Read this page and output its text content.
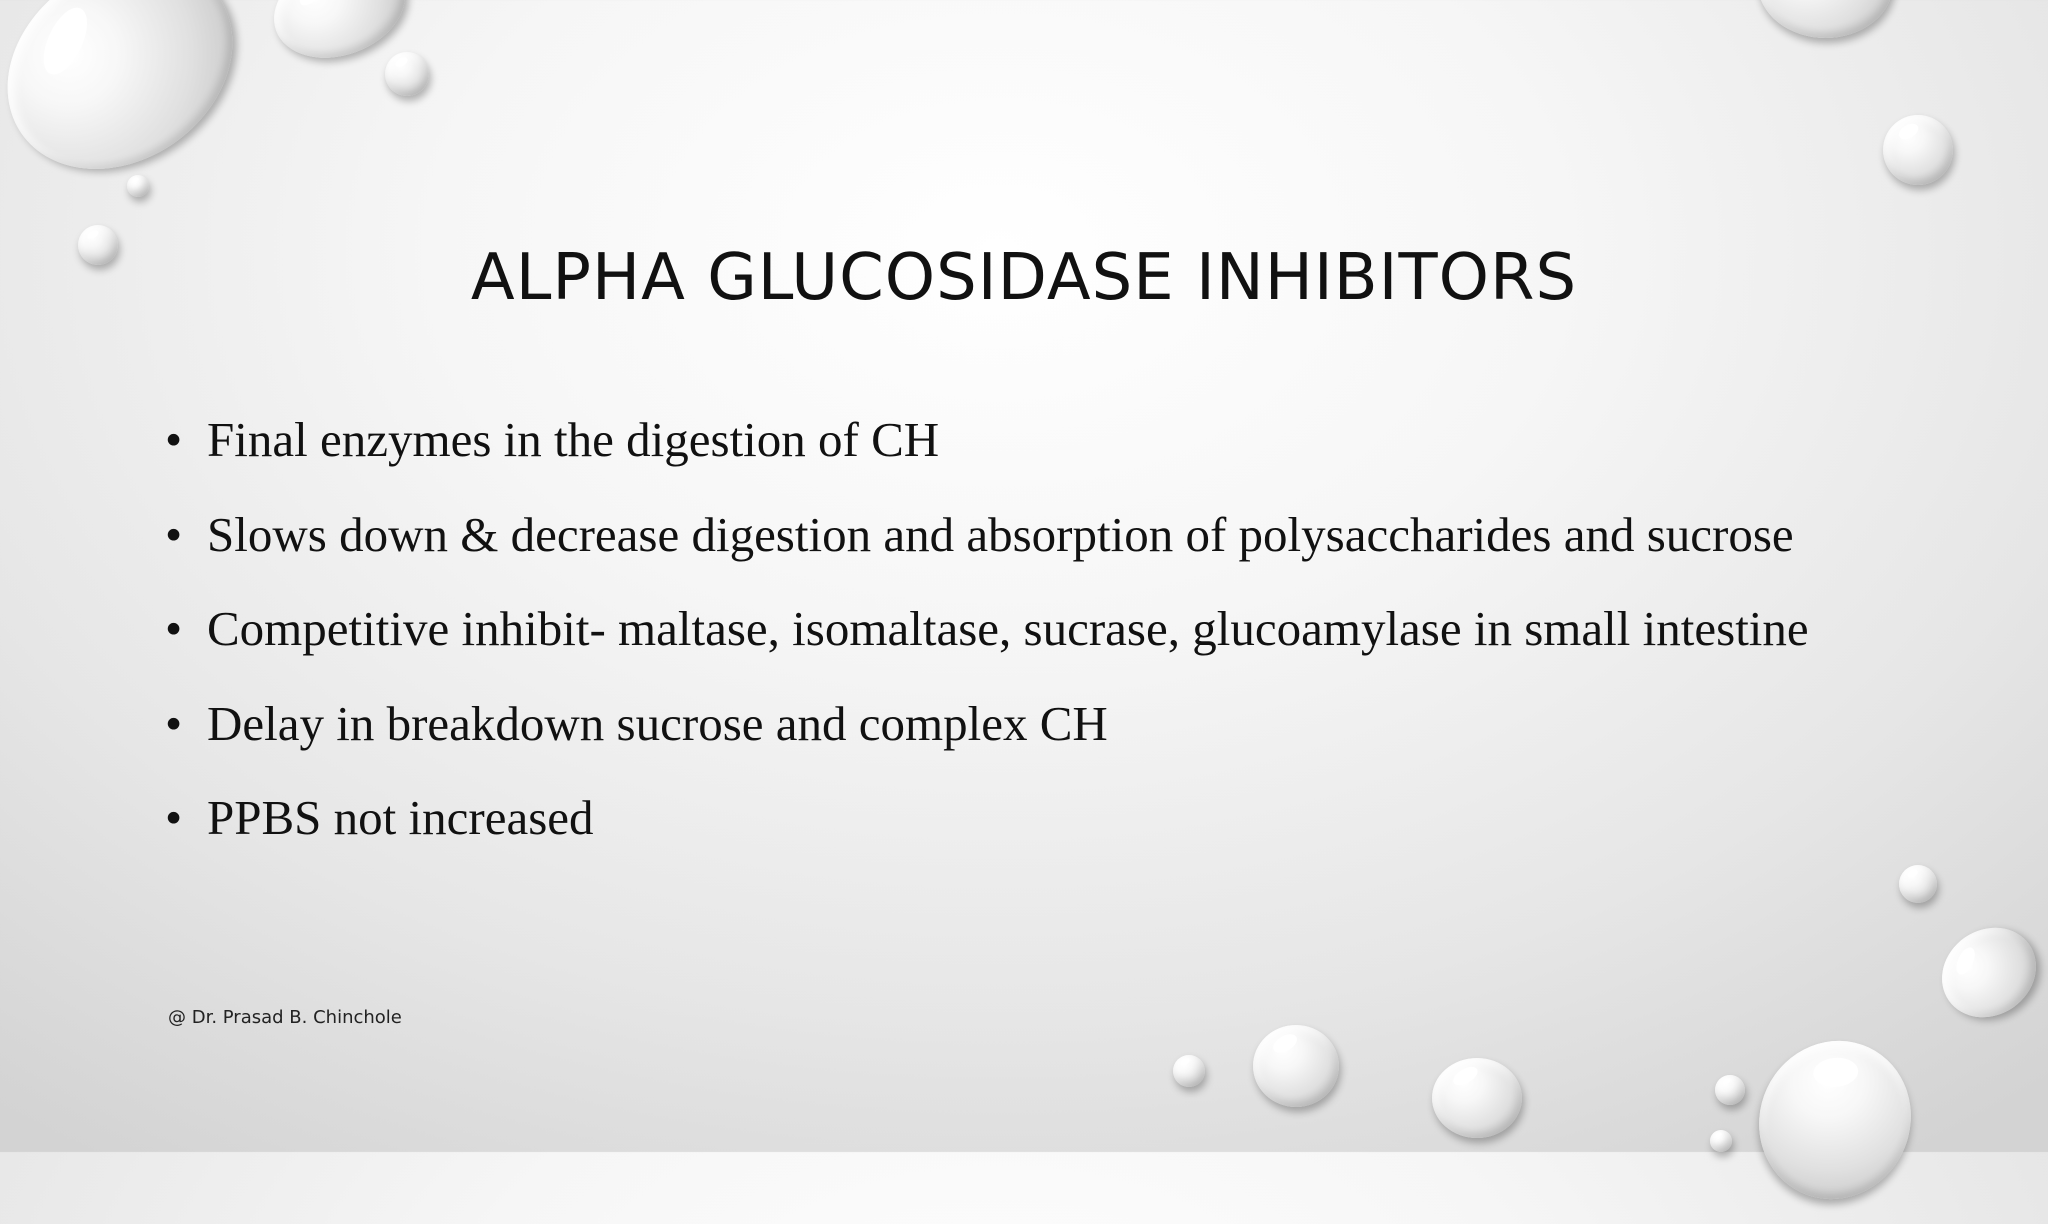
ALPHA GLUCOSIDASE INHIBITORS
• Final enzymes in the digestion of CH
• Slows down & decrease digestion and absorption of polysaccharides and sucrose
• Competitive inhibit- maltase, isomaltase, sucrase, glucoamylase in small intestine
• Delay in breakdown sucrose and complex CH
• PPBS not increased
@ Dr. Prasad B. Chinchole
